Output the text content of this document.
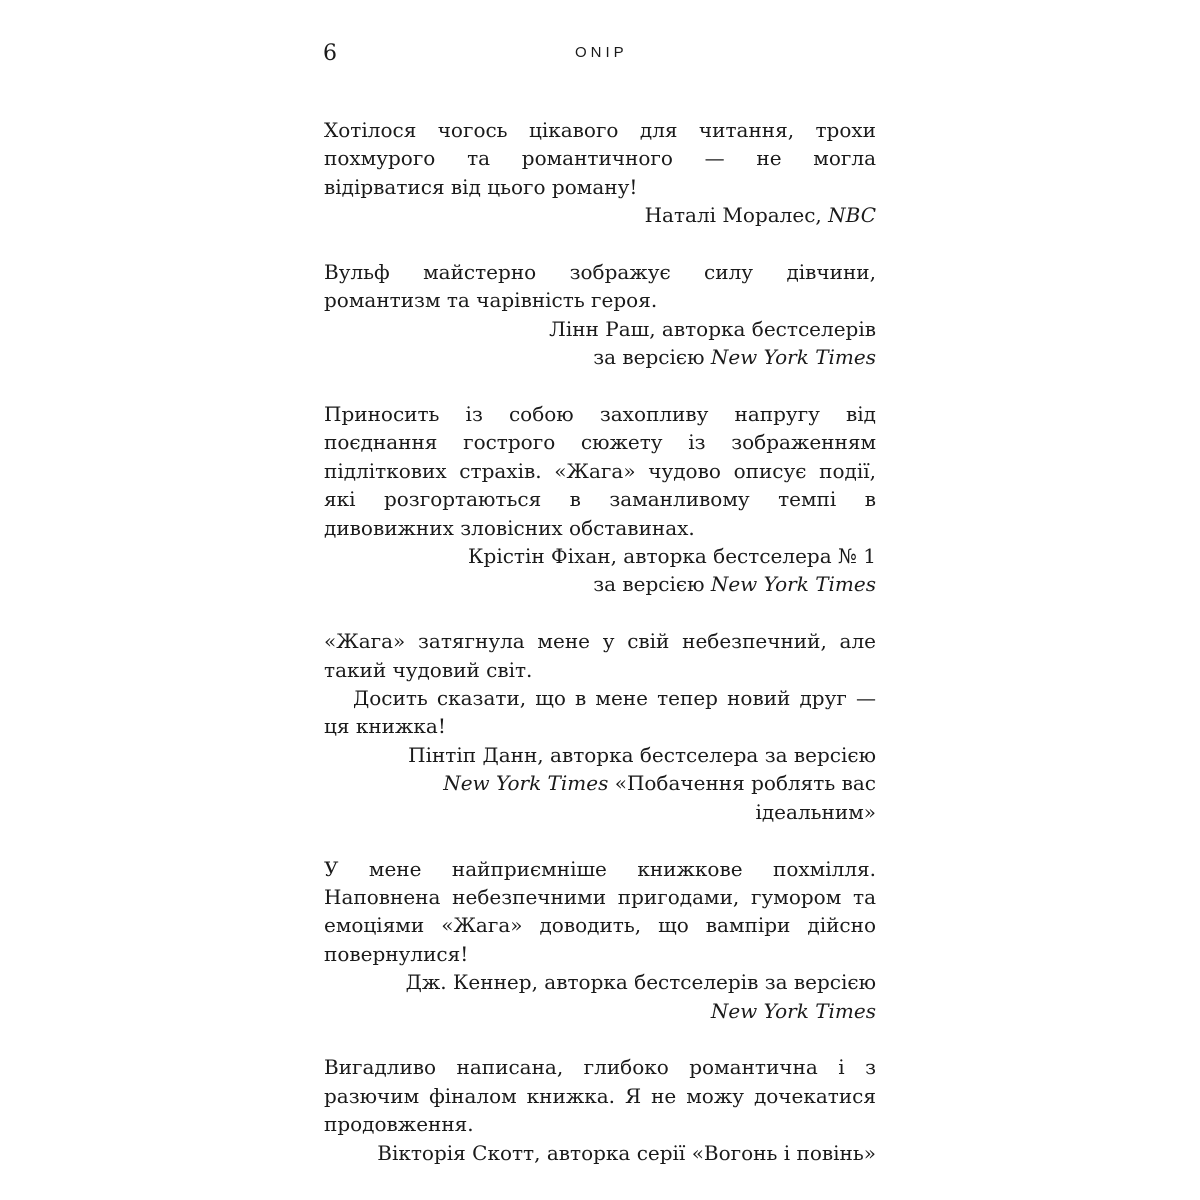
6	ONIP

Хотілося чогось цікавого для читання, трохи похмурого та романтичного — не могла відірватися від цього роману!

Наталі Моралес, NBC

Вульф майстерно зображує силу дівчини, романтизм та чарівність героя.

Лінн Раш, авторка бестселерів
за версією New York Times

Приносить із собою захопливу напругу від поєднання гострого сюжету із зображенням підліткових страхів. «Жага» чудово описує події, які розгортаються в заманливому темпі в дивовижних зловісних обставинах.

Крістін Фіхан, авторка бестселера № 1
за версією New York Times

«Жага» затягнула мене у свій небезпечний, але такий чудовий світ.

Досить сказати, що в мене тепер новий друг — ця книжка!

Пінтіп Данн, авторка бестселера за версією
New York Times «Побачення роблять вас ідеальним»

У мене найприємніше книжкове похмілля. Наповнена небезпечними пригодами, гумором та емоціями «Жага» доводить, що вампіри дійсно повернулися!

Дж. Кеннер, авторка бестселерів за версією
New York Times

Вигадливо написана, глибоко романтична і з разючим фіналом книжка. Я не можу дочекатися продовження.

Вікторія Скотт, авторка серії «Вогонь і повінь»
